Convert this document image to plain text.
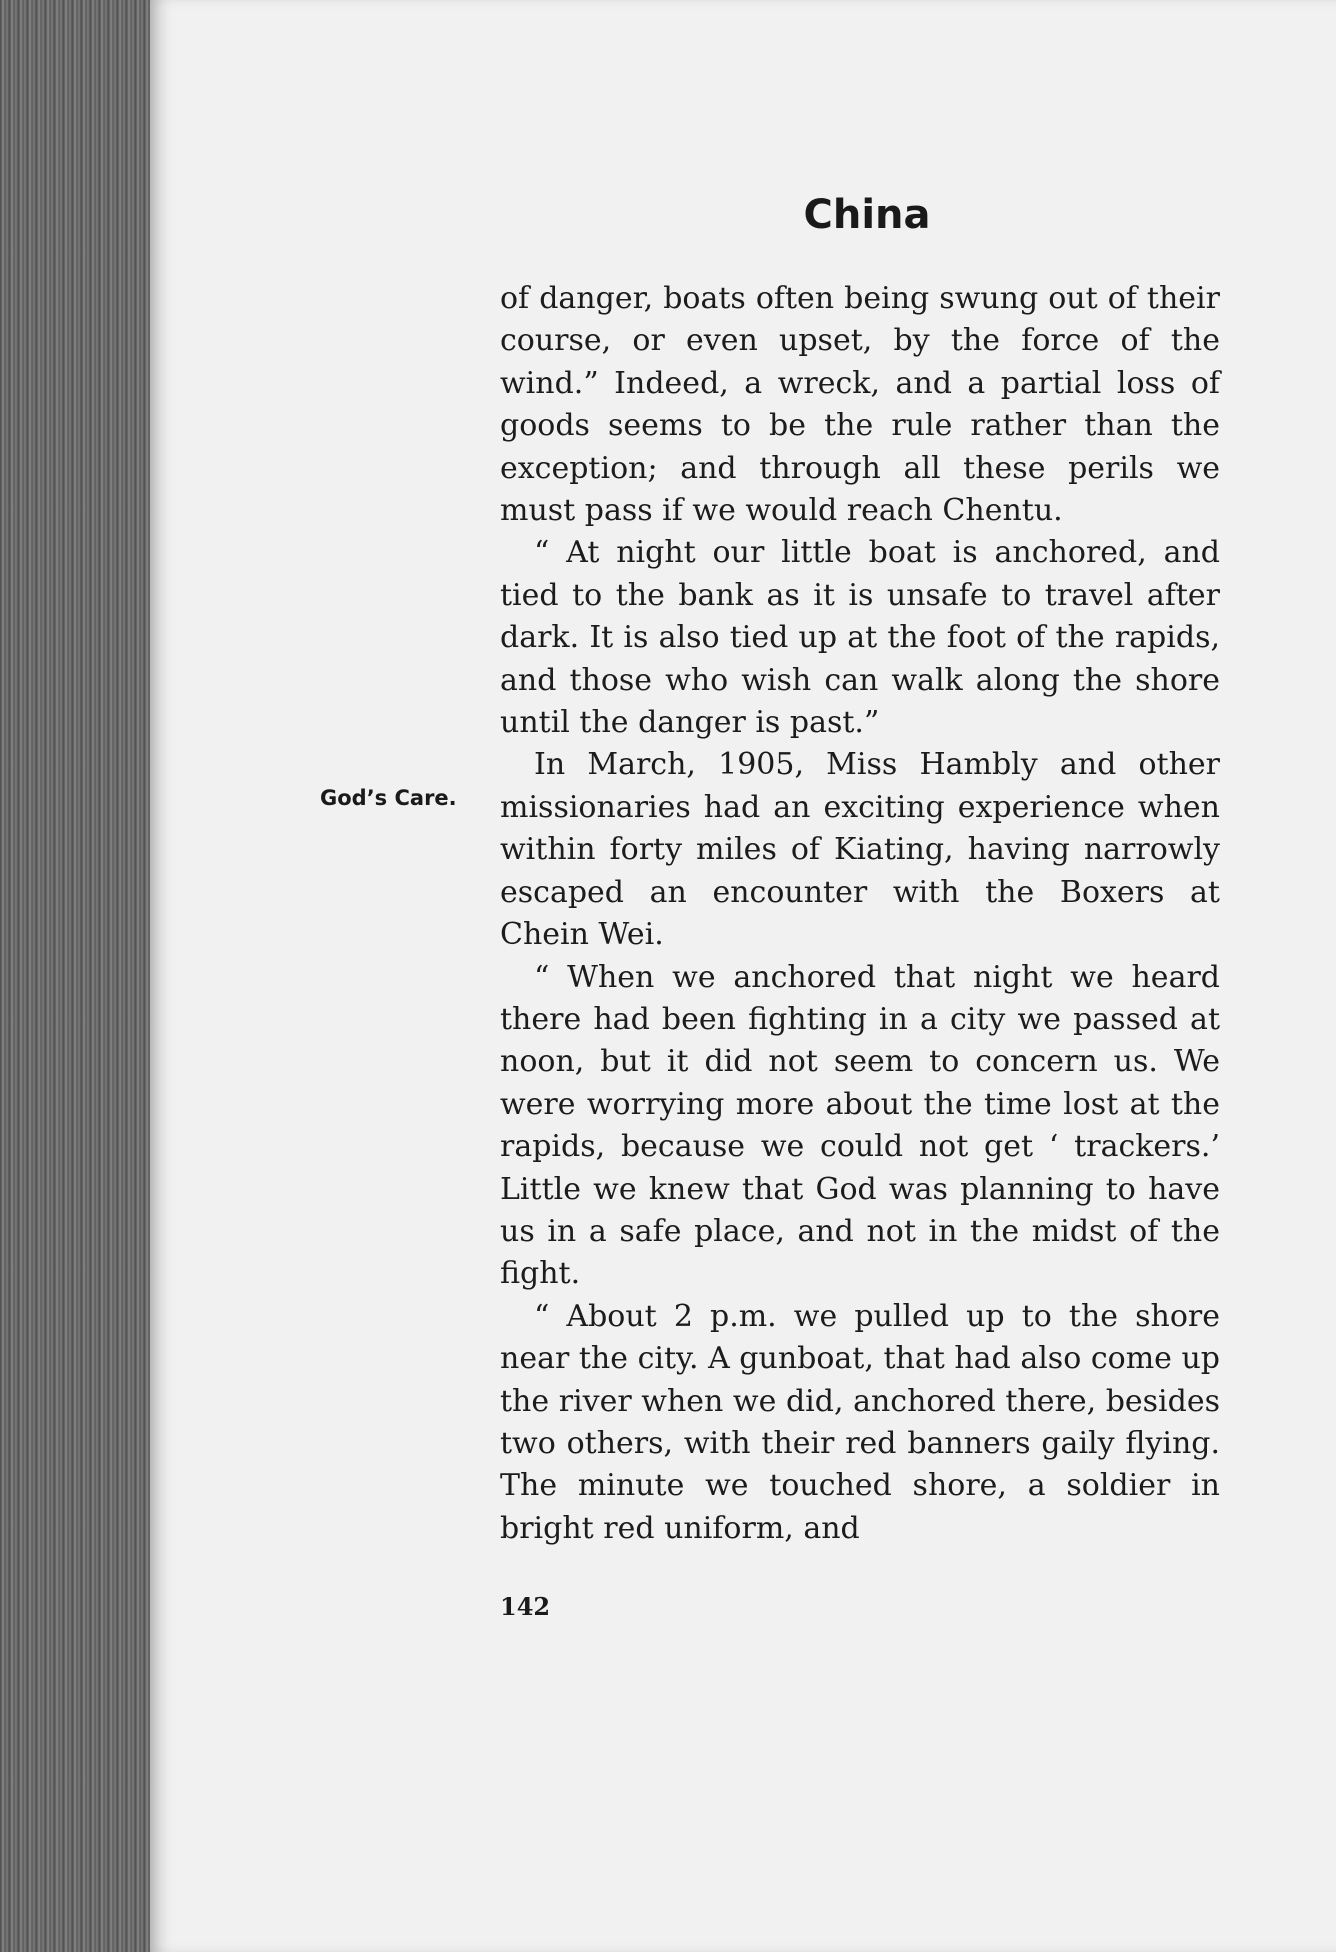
China
God’s Care.

of danger, boats often being swung out of their course, or even upset, by the force of the wind.” Indeed, a wreck, and a partial loss of goods seems to be the rule rather than the exception; and through all these perils we must pass if we would reach Chentu.

“ At night our little boat is anchored, and tied to the bank as it is unsafe to travel after dark. It is also tied up at the foot of the rapids, and those who wish can walk along the shore until the danger is past.”

In March, 1905, Miss Hambly and other missionaries had an exciting experience when within forty miles of Kiating, having narrowly escaped an encounter with the Boxers at Chein Wei.

“ When we anchored that night we heard there had been fighting in a city we passed at noon, but it did not seem to concern us. We were worrying more about the time lost at the rapids, because we could not get ‘ trackers.’ Little we knew that God was planning to have us in a safe place, and not in the midst of the fight.

“ About 2 p.m. we pulled up to the shore near the city. A gunboat, that had also come up the river when we did, anchored there, besides two others, with their red banners gaily flying. The minute we touched shore, a soldier in bright red uniform, and

142
